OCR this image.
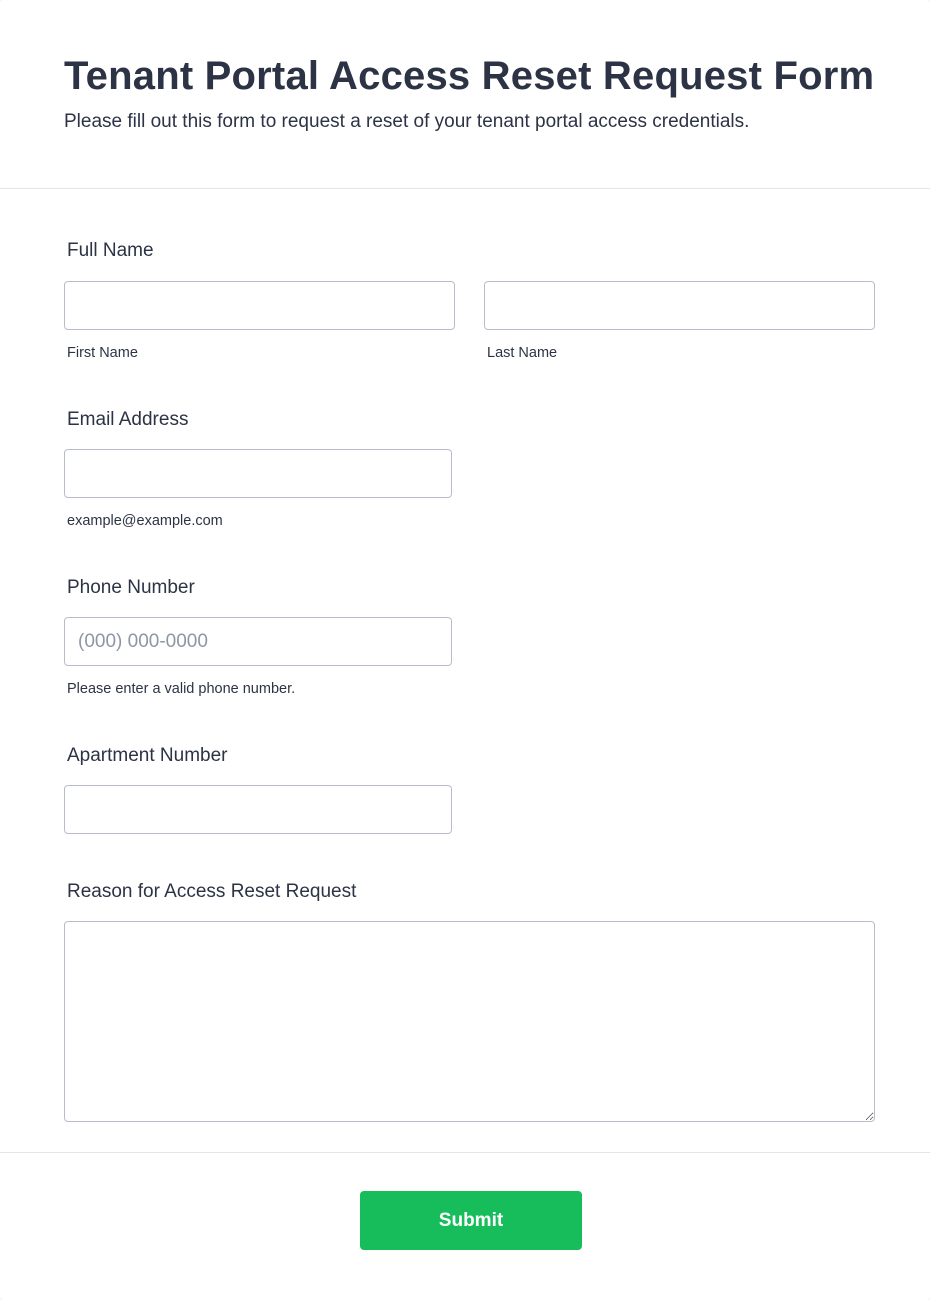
Tenant Portal Access Reset Request Form

Please fill out this form to request a reset of your tenant portal access credentials.

Full Name
First Name	Last Name
Email Address
example@example.com
Phone Number
(000) 000-0000
Please enter a valid phone number.
Apartment Number
Reason for Access Reset Request
Submit
